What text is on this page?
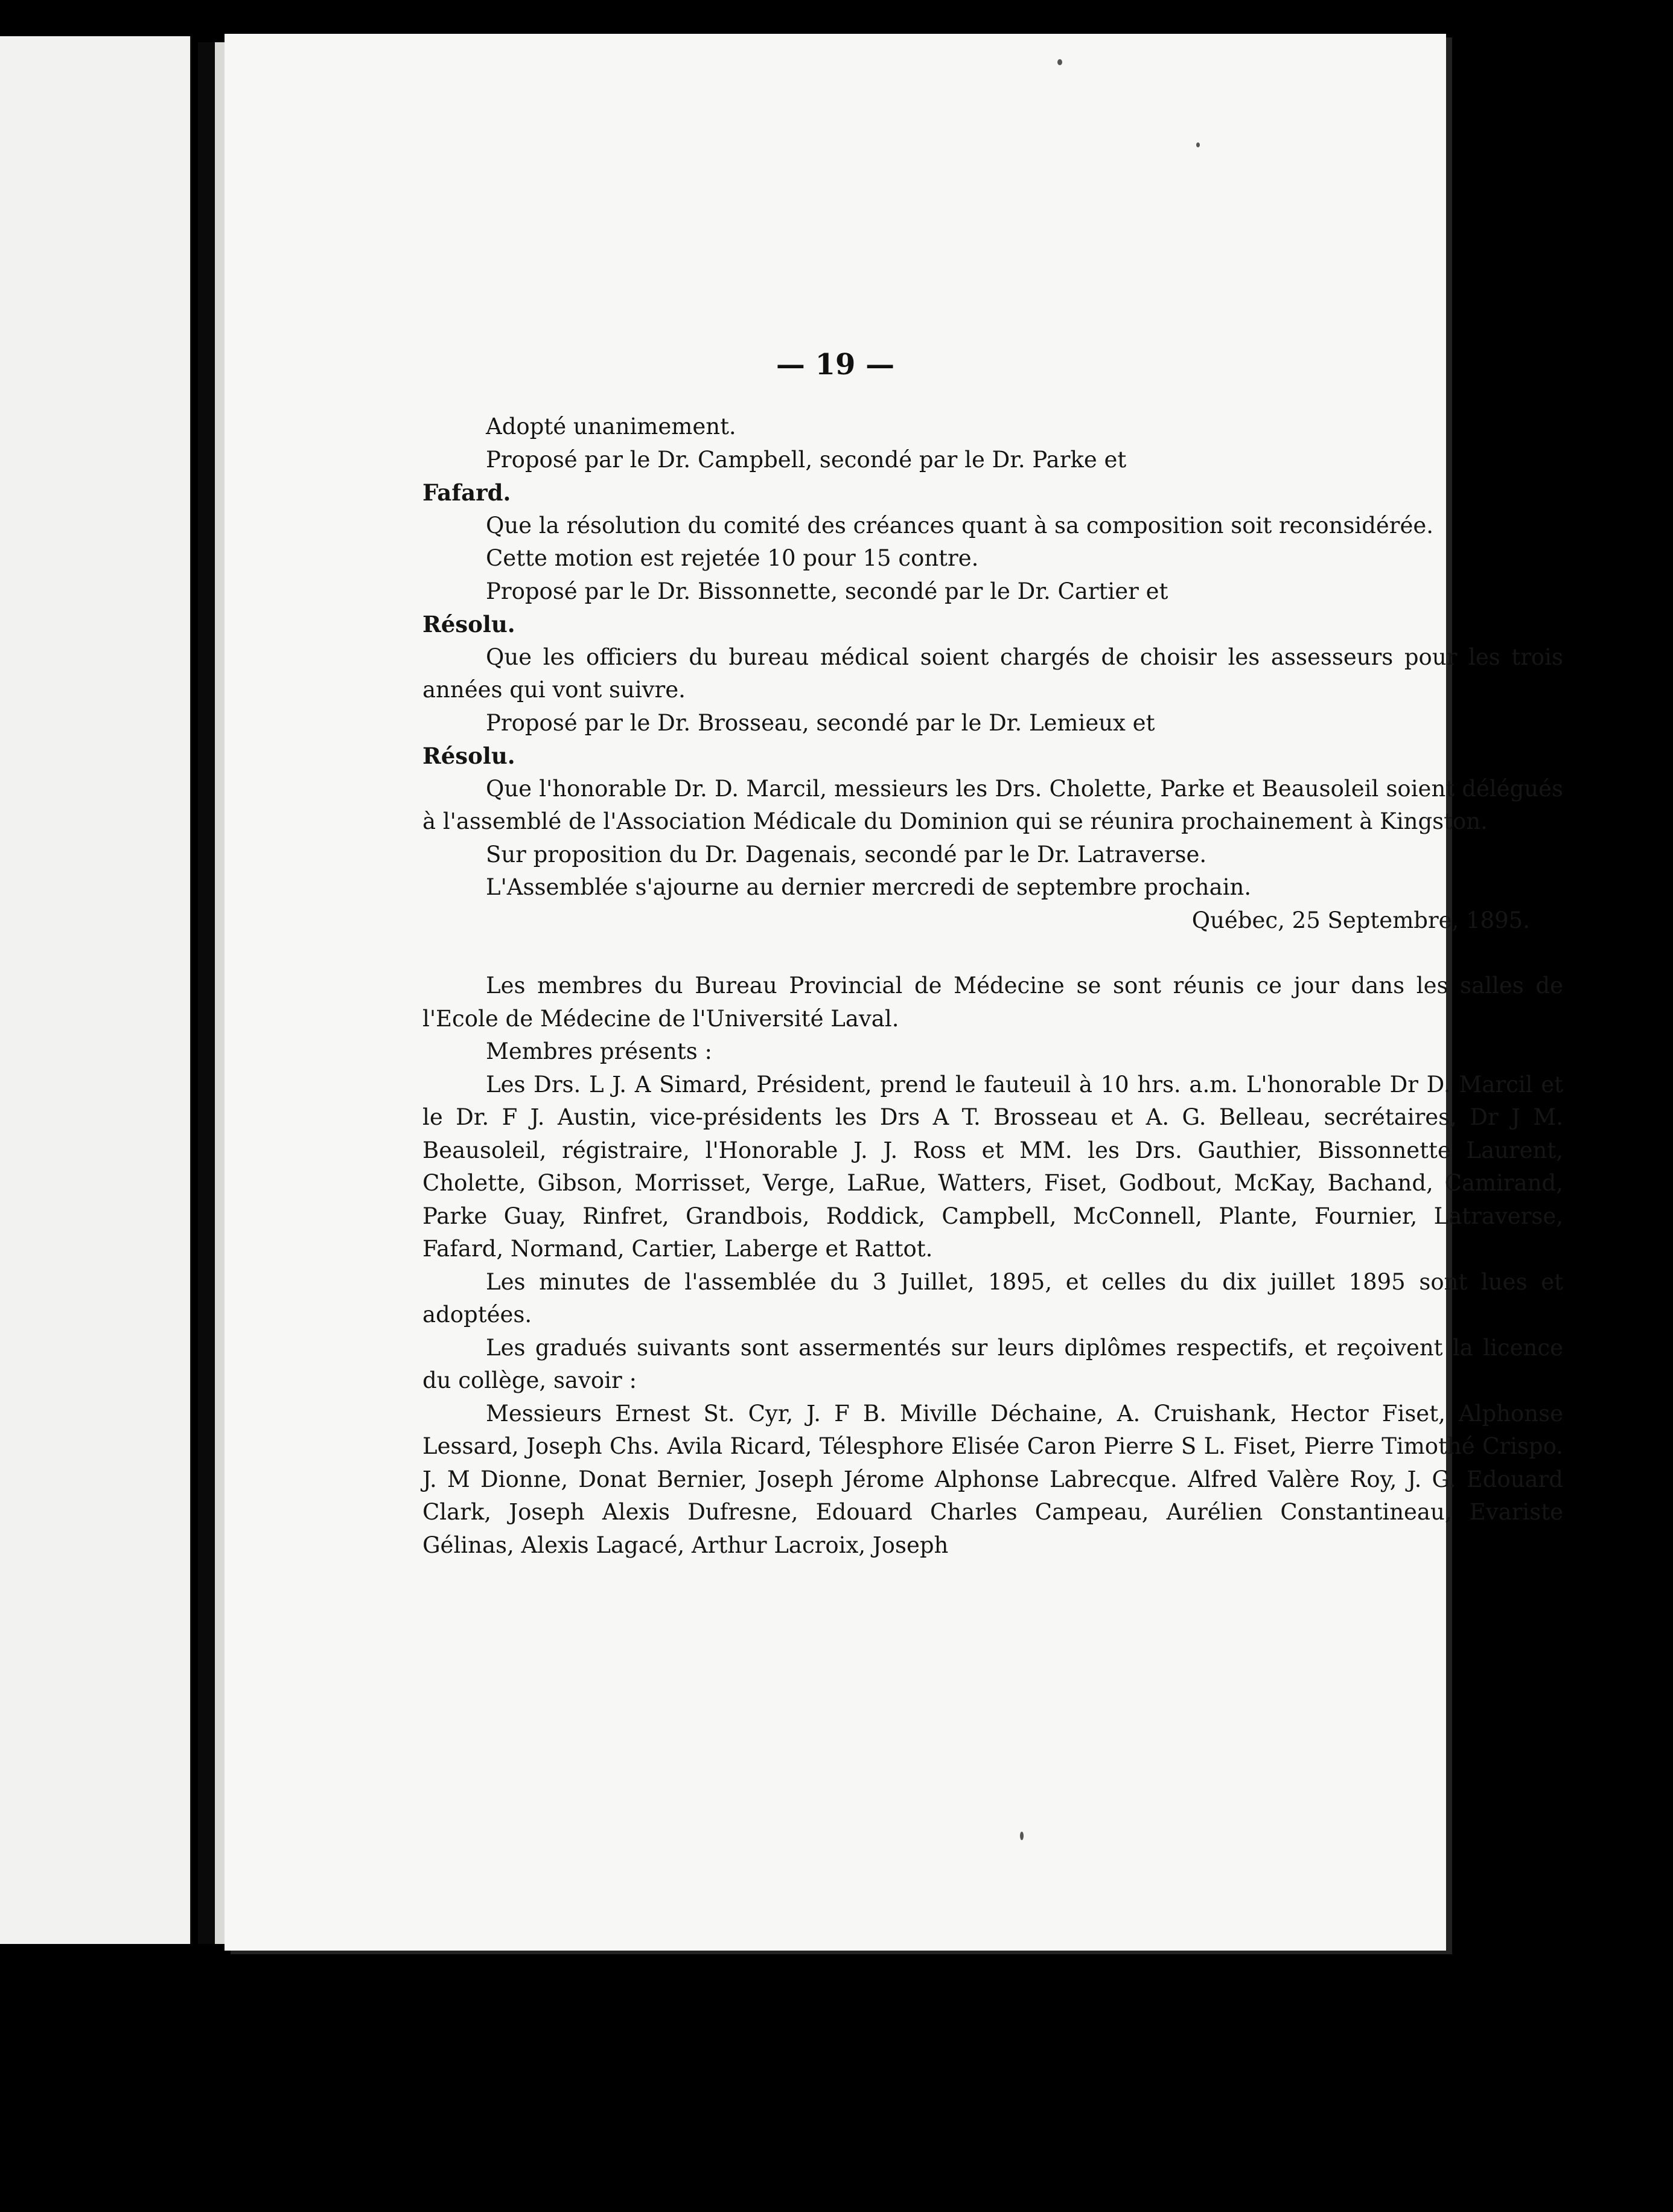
— 19 —

Adopté unanimement.

Proposé par le Dr. Campbell, secondé par le Dr. Parke et

Fafard.

Que la résolution du comité des créances quant à sa composition soit reconsidérée.

Cette motion est rejetée 10 pour 15 contre.

Proposé par le Dr. Bissonnette, secondé par le Dr. Cartier et

Résolu.

Que les officiers du bureau médical soient chargés de choisir les assesseurs pour les trois années qui vont suivre.

Proposé par le Dr. Brosseau, secondé par le Dr. Lemieux et

Résolu.

Que l'honorable Dr. D. Marcil, messieurs les Drs. Cholette, Parke et Beausoleil soient délégués à l'assemblé de l'Association Médicale du Dominion qui se réunira prochainement à Kingston.

Sur proposition du Dr. Dagenais, secondé par le Dr. Latraverse.

L'Assemblée s'ajourne au dernier mercredi de septembre prochain.

Québec, 25 Septembre, 1895.

Les membres du Bureau Provincial de Médecine se sont réunis ce jour dans les salles de l'Ecole de Médecine de l'Université Laval.

Membres présents :

Les Drs. L J. A Simard, Président, prend le fauteuil à 10 hrs. a.m. L'honorable Dr D. Marcil et le Dr. F J. Austin, vice-présidents les Drs A T. Brosseau et A. G. Belleau, secrétaires, Dr J M. Beausoleil, régistraire, l'Honorable J. J. Ross et MM. les Drs. Gauthier, Bissonnette Laurent, Cholette, Gibson, Morrisset, Verge, LaRue, Watters, Fiset, Godbout, McKay, Bachand, Camirand, Parke Guay, Rinfret, Grandbois, Roddick, Campbell, McConnell, Plante, Fournier, Latraverse, Fafard, Normand, Cartier, Laberge et Rattot.

Les minutes de l'assemblée du 3 Juillet, 1895, et celles du dix juillet 1895 sont lues et adoptées.

Les gradués suivants sont assermentés sur leurs diplômes respectifs, et reçoivent la licence du collège, savoir :

Messieurs Ernest St. Cyr, J. F B. Miville Déchaine, A. Cruishank, Hector Fiset, Alphonse Lessard, Joseph Chs. Avila Ricard, Télesphore Elisée Caron Pierre S L. Fiset, Pierre Timothé Crispo. J. M Dionne, Donat Bernier, Joseph Jérome Alphonse Labrecque. Alfred Valère Roy, J. G. Edouard Clark, Joseph Alexis Dufresne, Edouard Charles Campeau, Aurélien Constantineau, Evariste Gélinas, Alexis Lagacé, Arthur Lacroix, Joseph
